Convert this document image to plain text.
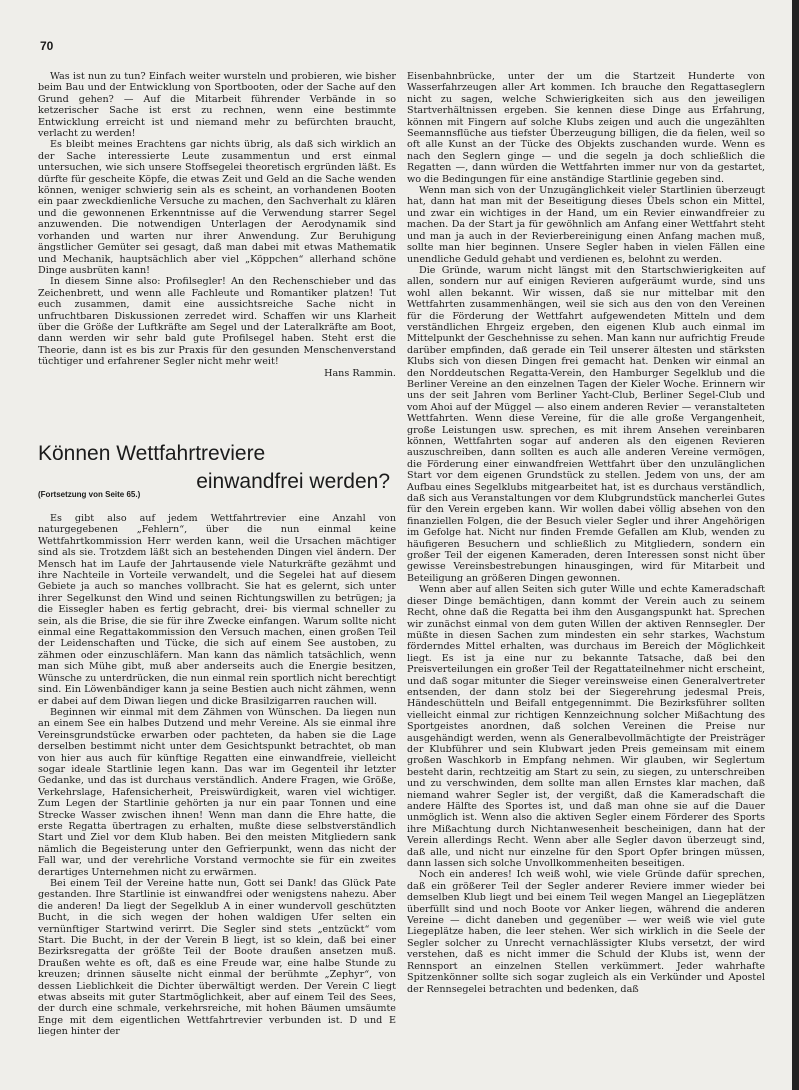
70

Was ist nun zu tun? Einfach weiter wursteln und probieren, wie bisher beim Bau und der Entwicklung von Sportbooten, oder der Sache auf den Grund gehen? — Auf die Mitarbeit führender Verbände in so ketzerischer Sache ist erst zu rechnen, wenn eine bestimmte Entwicklung erreicht ist und niemand mehr zu befürchten braucht, verlacht zu werden!

Es bleibt meines Erachtens gar nichts übrig, als daß sich wirklich an der Sache interessierte Leute zusammentun und erst einmal untersuchen, wie sich unsere Stoffsegelei theoretisch ergründen läßt. Es dürfte für gescheite Köpfe, die etwas Zeit und Geld an die Sache wenden können, weniger schwierig sein als es scheint, an vorhandenen Booten ein paar zweckdienliche Versuche zu machen, den Sachverhalt zu klären und die gewonnenen Erkenntnisse auf die Verwendung starrer Segel anzuwenden. Die notwendigen Unterlagen der Aerodynamik sind vorhanden und warten nur ihrer Anwendung. Zur Beruhigung ängstlicher Gemüter sei gesagt, daß man dabei mit etwas Mathematik und Mechanik, hauptsächlich aber viel „Köppchen“ allerhand schöne Dinge ausbrüten kann!

In diesem Sinne also: Profilsegler! An den Rechenschieber und das Zeichenbrett, und wenn alle Fachleute und Romantiker platzen! Tut euch zusammen, damit eine aussichtsreiche Sache nicht in unfruchtbaren Diskussionen zerredet wird. Schaffen wir uns Klarheit über die Größe der Luftkräfte am Segel und der Lateralkräfte am Boot, dann werden wir sehr bald gute Profilsegel haben. Steht erst die Theorie, dann ist es bis zur Praxis für den gesunden Menschenverstand tüchtiger und erfahrener Segler nicht mehr weit!

Hans Rammin.

Können Wettfahrtreviere
einwandfrei werden?
(Fortsetzung von Seite 65.)

Es gibt also auf jedem Wettfahrtrevier eine Anzahl von naturgegebenen „Fehlern“, über die nun einmal keine Wettfahrtkommission Herr werden kann, weil die Ursachen mächtiger sind als sie. Trotzdem läßt sich an bestehenden Dingen viel ändern. Der Mensch hat im Laufe der Jahrtausende viele Naturkräfte gezähmt und ihre Nachteile in Vorteile verwandelt, und die Segelei hat auf diesem Gebiete ja auch so manches vollbracht. Sie hat es gelernt, sich unter ihrer Segelkunst den Wind und seinen Richtungswillen zu betrügen; ja die Eissegler haben es fertig gebracht, drei- bis viermal schneller zu sein, als die Brise, die sie für ihre Zwecke einfangen. Warum sollte nicht einmal eine Regattakommission den Versuch machen, einen großen Teil der Leidenschaften und Tücke, die sich auf einem See austoben, zu zähmen oder einzuschläfern. Man kann das nämlich tatsächlich, wenn man sich Mühe gibt, muß aber anderseits auch die Energie besitzen, Wünsche zu unterdrücken, die nun einmal rein sportlich nicht berechtigt sind. Ein Löwenbändiger kann ja seine Bestien auch nicht zähmen, wenn er dabei auf dem Diwan liegen und dicke Brasilzigarren rauchen will.

Beginnen wir einmal mit dem Zähmen von Wünschen. Da liegen nun an einem See ein halbes Dutzend und mehr Vereine. Als sie einmal ihre Vereinsgrundstücke erwarben oder pachteten, da haben sie die Lage derselben bestimmt nicht unter dem Gesichtspunkt betrachtet, ob man von hier aus auch für künftige Regatten eine einwandfreie, vielleicht sogar ideale Startlinie legen kann. Das war im Gegenteil ihr letzter Gedanke, und das ist durchaus verständlich. Andere Fragen, wie Größe, Verkehrslage, Hafensicherheit, Preiswürdigkeit, waren viel wichtiger. Zum Legen der Startlinie gehörten ja nur ein paar Tonnen und eine Strecke Wasser zwischen ihnen! Wenn man dann die Ehre hatte, die erste Regatta übertragen zu erhalten, mußte diese selbstverständlich Start und Ziel vor dem Klub haben. Bei den meisten Mitgliedern sank nämlich die Begeisterung unter den Gefrierpunkt, wenn das nicht der Fall war, und der verehrliche Vorstand vermochte sie für ein zweites derartiges Unternehmen nicht zu erwärmen.

Bei einem Teil der Vereine hatte nun, Gott sei Dank! das Glück Pate gestanden. Ihre Startlinie ist einwandfrei oder wenigstens nahezu. Aber die anderen! Da liegt der Segelklub A in einer wundervoll geschützten Bucht, in die sich wegen der hohen waldigen Ufer selten ein vernünftiger Startwind verirrt. Die Segler sind stets „entzückt“ vom Start. Die Bucht, in der der Verein B liegt, ist so klein, daß bei einer Bezirksregatta der größte Teil der Boote draußen ansetzen muß. Draußen wehte es oft, daß es eine Freude war, eine halbe Stunde zu kreuzen; drinnen säuselte nicht einmal der berühmte „Zephyr“, von dessen Lieblichkeit die Dichter überwältigt werden. Der Verein C liegt etwas abseits mit guter Startmöglichkeit, aber auf einem Teil des Sees, der durch eine schmale, verkehrsreiche, mit hohen Bäumen umsäumte Enge mit dem eigentlichen Wettfahrtrevier verbunden ist. D und E liegen hinter der

Eisenbahnbrücke, unter der um die Startzeit Hunderte von Wasserfahrzeugen aller Art kommen. Ich brauche den Regattaseglern nicht zu sagen, welche Schwierigkeiten sich aus den jeweiligen Startverhältnissen ergeben. Sie kennen diese Dinge aus Erfahrung, können mit Fingern auf solche Klubs zeigen und auch die ungezählten Seemannsflüche aus tiefster Überzeugung billigen, die da fielen, weil so oft alle Kunst an der Tücke des Objekts zuschanden wurde. Wenn es nach den Seglern ginge — und die segeln ja doch schließlich die Regatten —, dann würden die Wettfahrten immer nur von da gestartet, wo die Bedingungen für eine anständige Startlinie gegeben sind.

Wenn man sich von der Unzugänglichkeit vieler Startlinien überzeugt hat, dann hat man mit der Beseitigung dieses Übels schon ein Mittel, und zwar ein wichtiges in der Hand, um ein Revier einwandfreier zu machen. Da der Start ja für gewöhnlich am Anfang einer Wettfahrt steht und man ja auch in der Revierbereinigung einen Anfang machen muß, sollte man hier beginnen. Unsere Segler haben in vielen Fällen eine unendliche Geduld gehabt und verdienen es, belohnt zu werden.

Die Gründe, warum nicht längst mit den Startschwierigkeiten auf allen, sondern nur auf einigen Revieren aufgeräumt wurde, sind uns wohl allen bekannt. Wir wissen, daß sie nur mittelbar mit den Wettfahrten zusammenhängen, weil sie sich aus den von den Vereinen für die Förderung der Wettfahrt aufgewendeten Mitteln und dem verständlichen Ehrgeiz ergeben, den eigenen Klub auch einmal im Mittelpunkt der Geschehnisse zu sehen. Man kann nur aufrichtig Freude darüber empfinden, daß gerade ein Teil unserer ältesten und stärksten Klubs sich von diesen Dingen frei gemacht hat. Denken wir einmal an den Norddeutschen Regatta-Verein, den Hamburger Segelklub und die Berliner Vereine an den einzelnen Tagen der Kieler Woche. Erinnern wir uns der seit Jahren vom Berliner Yacht-Club, Berliner Segel-Club und vom Ahoi auf der Müggel — also einem anderen Revier — veranstalteten Wettfahrten. Wenn diese Vereine, für die alle große Vergangenheit, große Leistungen usw. sprechen, es mit ihrem Ansehen vereinbaren können, Wettfahrten sogar auf anderen als den eigenen Revieren auszuschreiben, dann sollten es auch alle anderen Vereine vermögen, die Förderung einer einwandfreien Wettfahrt über den unzulänglichen Start vor dem eigenen Grundstück zu stellen. Jedem von uns, der am Aufbau eines Segelklubs mitgearbeitet hat, ist es durchaus verständlich, daß sich aus Veranstaltungen vor dem Klubgrundstück mancherlei Gutes für den Verein ergeben kann. Wir wollen dabei völlig absehen von den finanziellen Folgen, die der Besuch vieler Segler und ihrer Angehörigen im Gefolge hat. Nicht nur finden Fremde Gefallen am Klub, wenden zu häufigeren Besuchern und schließlich zu Mitgliedern, sondern ein großer Teil der eigenen Kameraden, deren Interessen sonst nicht über gewisse Vereinsbestrebungen hinausgingen, wird für Mitarbeit und Beteiligung an größeren Dingen gewonnen.

Wenn aber auf allen Seiten sich guter Wille und echte Kameradschaft dieser Dinge bemächtigen, dann kommt der Verein auch zu seinem Recht, ohne daß die Regatta bei ihm den Ausgangspunkt hat. Sprechen wir zunächst einmal von dem guten Willen der aktiven Rennsegler. Der müßte in diesen Sachen zum mindesten ein sehr starkes, Wachstum förderndes Mittel erhalten, was durchaus im Bereich der Möglichkeit liegt. Es ist ja eine nur zu bekannte Tatsache, daß bei den Preisverteilungen ein großer Teil der Regattateilnehmer nicht erscheint, und daß sogar mitunter die Sieger vereinsweise einen Generalvertreter entsenden, der dann stolz bei der Siegerehrung jedesmal Preis, Händeschütteln und Beifall entgegennimmt. Die Bezirksführer sollten vielleicht einmal zur richtigen Kennzeichnung solcher Mißachtung des Sportgeistes anordnen, daß solchen Vereinen die Preise nur ausgehändigt werden, wenn als Generalbevollmächtigte der Preisträger der Klubführer und sein Klubwart jeden Preis gemeinsam mit einem großen Waschkorb in Empfang nehmen. Wir glauben, wir Seglertum besteht darin, rechtzeitig am Start zu sein, zu siegen, zu unterschreiben und zu verschwinden, dem sollte man allen Ernstes klar machen, daß niemand wahrer Segler ist, der vergißt, daß die Kameradschaft die andere Hälfte des Sportes ist, und daß man ohne sie auf die Dauer unmöglich ist. Wenn also die aktiven Segler einem Förderer des Sports ihre Mißachtung durch Nichtanwesenheit bescheinigen, dann hat der Verein allerdings Recht. Wenn aber alle Segler davon überzeugt sind, daß alle, und nicht nur einzelne für den Sport Opfer bringen müssen, dann lassen sich solche Unvollkommenheiten beseitigen.

Noch ein anderes! Ich weiß wohl, wie viele Gründe dafür sprechen, daß ein größerer Teil der Segler anderer Reviere immer wieder bei demselben Klub liegt und bei einem Teil wegen Mangel an Liegeplätzen überfüllt sind und noch Boote vor Anker liegen, während die anderen Vereine — dicht daneben und gegenüber — wer weiß wie viel gute Liegeplätze haben, die leer stehen. Wer sich wirklich in die Seele der Segler solcher zu Unrecht vernachlässigter Klubs versetzt, der wird verstehen, daß es nicht immer die Schuld der Klubs ist, wenn der Rennsport an einzelnen Stellen verkümmert. Jeder wahrhafte Spitzenkönner sollte sich sogar zugleich als ein Verkünder und Apostel der Rennsegelei betrachten und bedenken, daß
